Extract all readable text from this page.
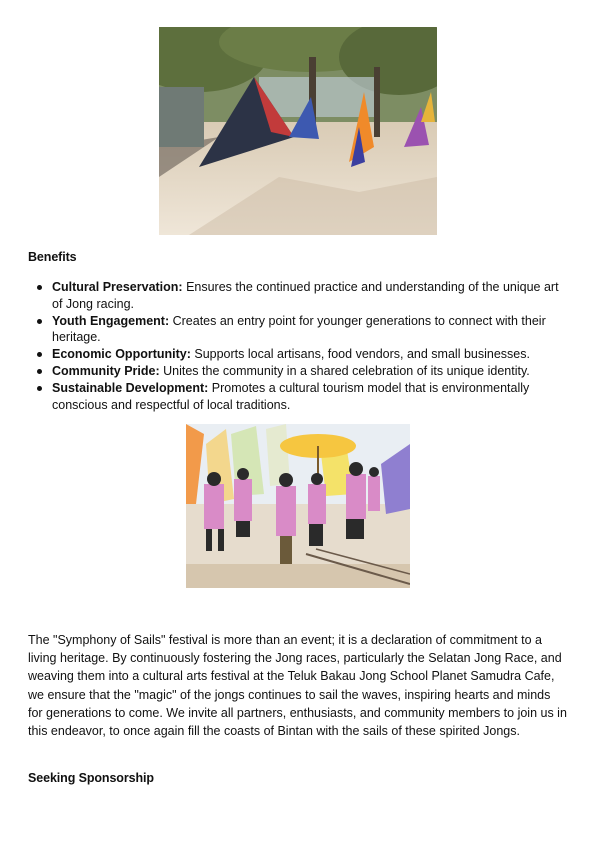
Benefits
Cultural Preservation: Ensures the continued practice and understanding of the unique art of Jong racing.
Youth Engagement: Creates an entry point for younger generations to connect with their heritage.
Economic Opportunity: Supports local artisans, food vendors, and small businesses.
Community Pride: Unites the community in a shared celebration of its unique identity.
Sustainable Development: Promotes a cultural tourism model that is environmentally conscious and respectful of local traditions.

The "Symphony of Sails" festival is more than an event; it is a declaration of commitment to a living heritage. By continuously fostering the Jong races, particularly the Selatan Jong Race, and weaving them into a cultural arts festival at the Teluk Bakau Jong School Planet Samudra Cafe, we ensure that the "magic" of the jongs continues to sail the waves, inspiring hearts and minds for generations to come. We invite all partners, enthusiasts, and community members to join us in this endeavor, to once again fill the coasts of Bintan with the sails of these spirited Jongs.

Seeking Sponsorship
